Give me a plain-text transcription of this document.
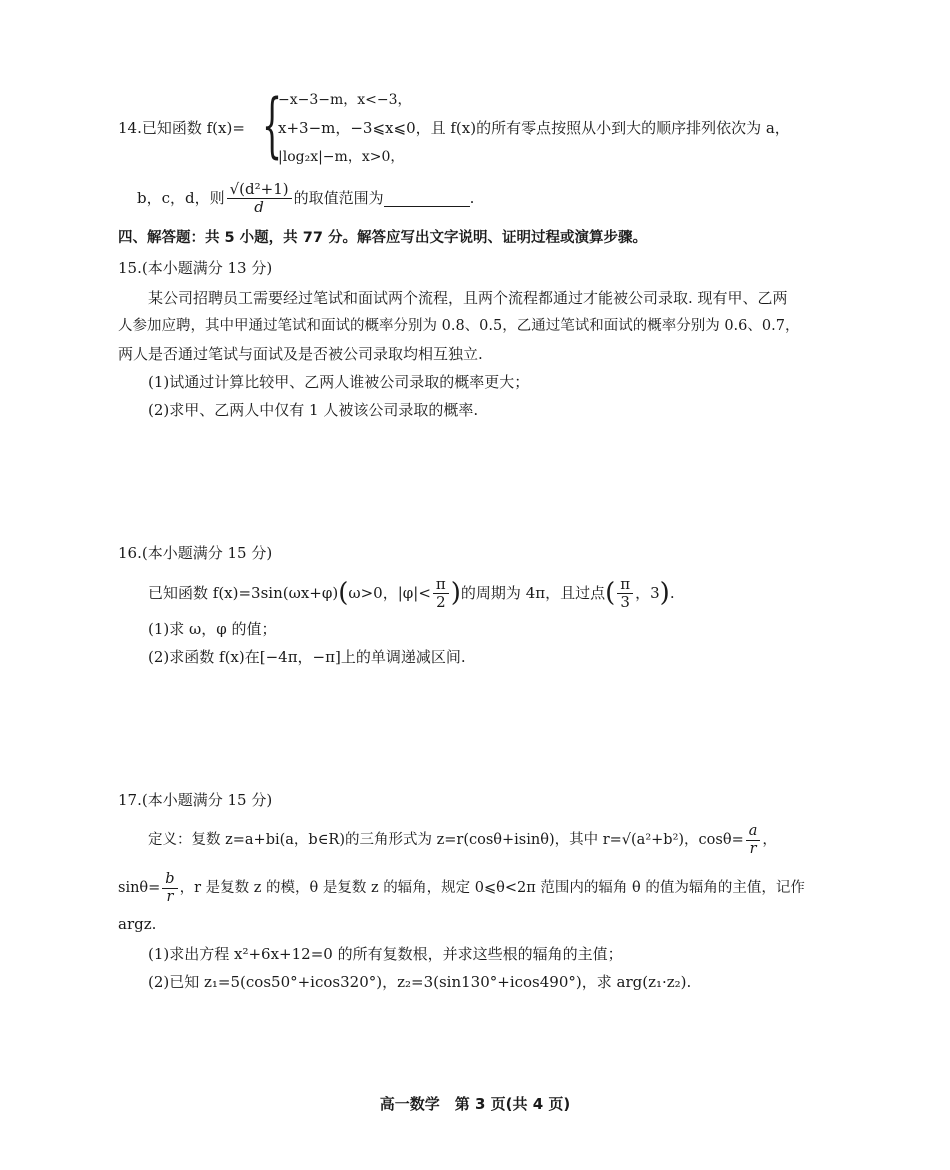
−x−3−m，x<−3，
{
14.已知函数 f(x)= x+3−m，−3⩽x⩽0，且 f(x)的所有零点按照从小到大的顺序排列依次为 a，
|log₂x|−m，x>0，
b，c，d，则 $\frac{\text{√(d²+1)}}{d}$ 的取值范围为	.
四、解答题：共 5 小题，共 77 分。解答应写出文字说明、证明过程或演算步骤。
15.(本小题满分 13 分)
某公司招聘员工需要经过笔试和面试两个流程，且两个流程都通过才能被公司录取. 现有甲、乙两
人参加应聘，其中甲通过笔试和面试的概率分别为 0.8、0.5，乙通过笔试和面试的概率分别为 0.6、0.7，
两人是否通过笔试与面试及是否被公司录取均相互独立.
(1)试通过计算比较甲、乙两人谁被公司录取的概率更大；
(2)求甲、乙两人中仅有 1 人被该公司录取的概率.
16.(本小题满分 15 分)
已知函数 f(x)=3sin(ωx+φ) ( ω>0，$|\varphi|< \frac{\pi}{2}$ ) 的周期为 4π，且过点 ( $\frac{\pi}{3}$ ，3 ) .
(1)求 ω，φ 的值；
(2)求函数 f(x)在[−4π，−π]上的单调递减区间.
17.(本小题满分 15 分)
定义：复数 z=a+bi(a，b∈R)的三角形式为 z=r(cosθ+isinθ)，其中 r=√(a²+b²)，$\cos\theta= \frac{a}{r}$ ，
$\sin\theta= \frac{b}{r}$ ，r 是复数 z 的模，θ 是复数 z 的辐角，规定 0⩽θ<2π 范围内的辐角 θ 的值为辐角的主值，记作
argz.
(1)求出方程 x²+6x+12=0 的所有复数根，并求这些根的辐角的主值；
(2)已知 z₁=5(cos50°+icos320°)，z₂=3(sin130°+icos490°)，求 arg(z₁·z₂).
高一数学　第 3 页(共 4 页)
